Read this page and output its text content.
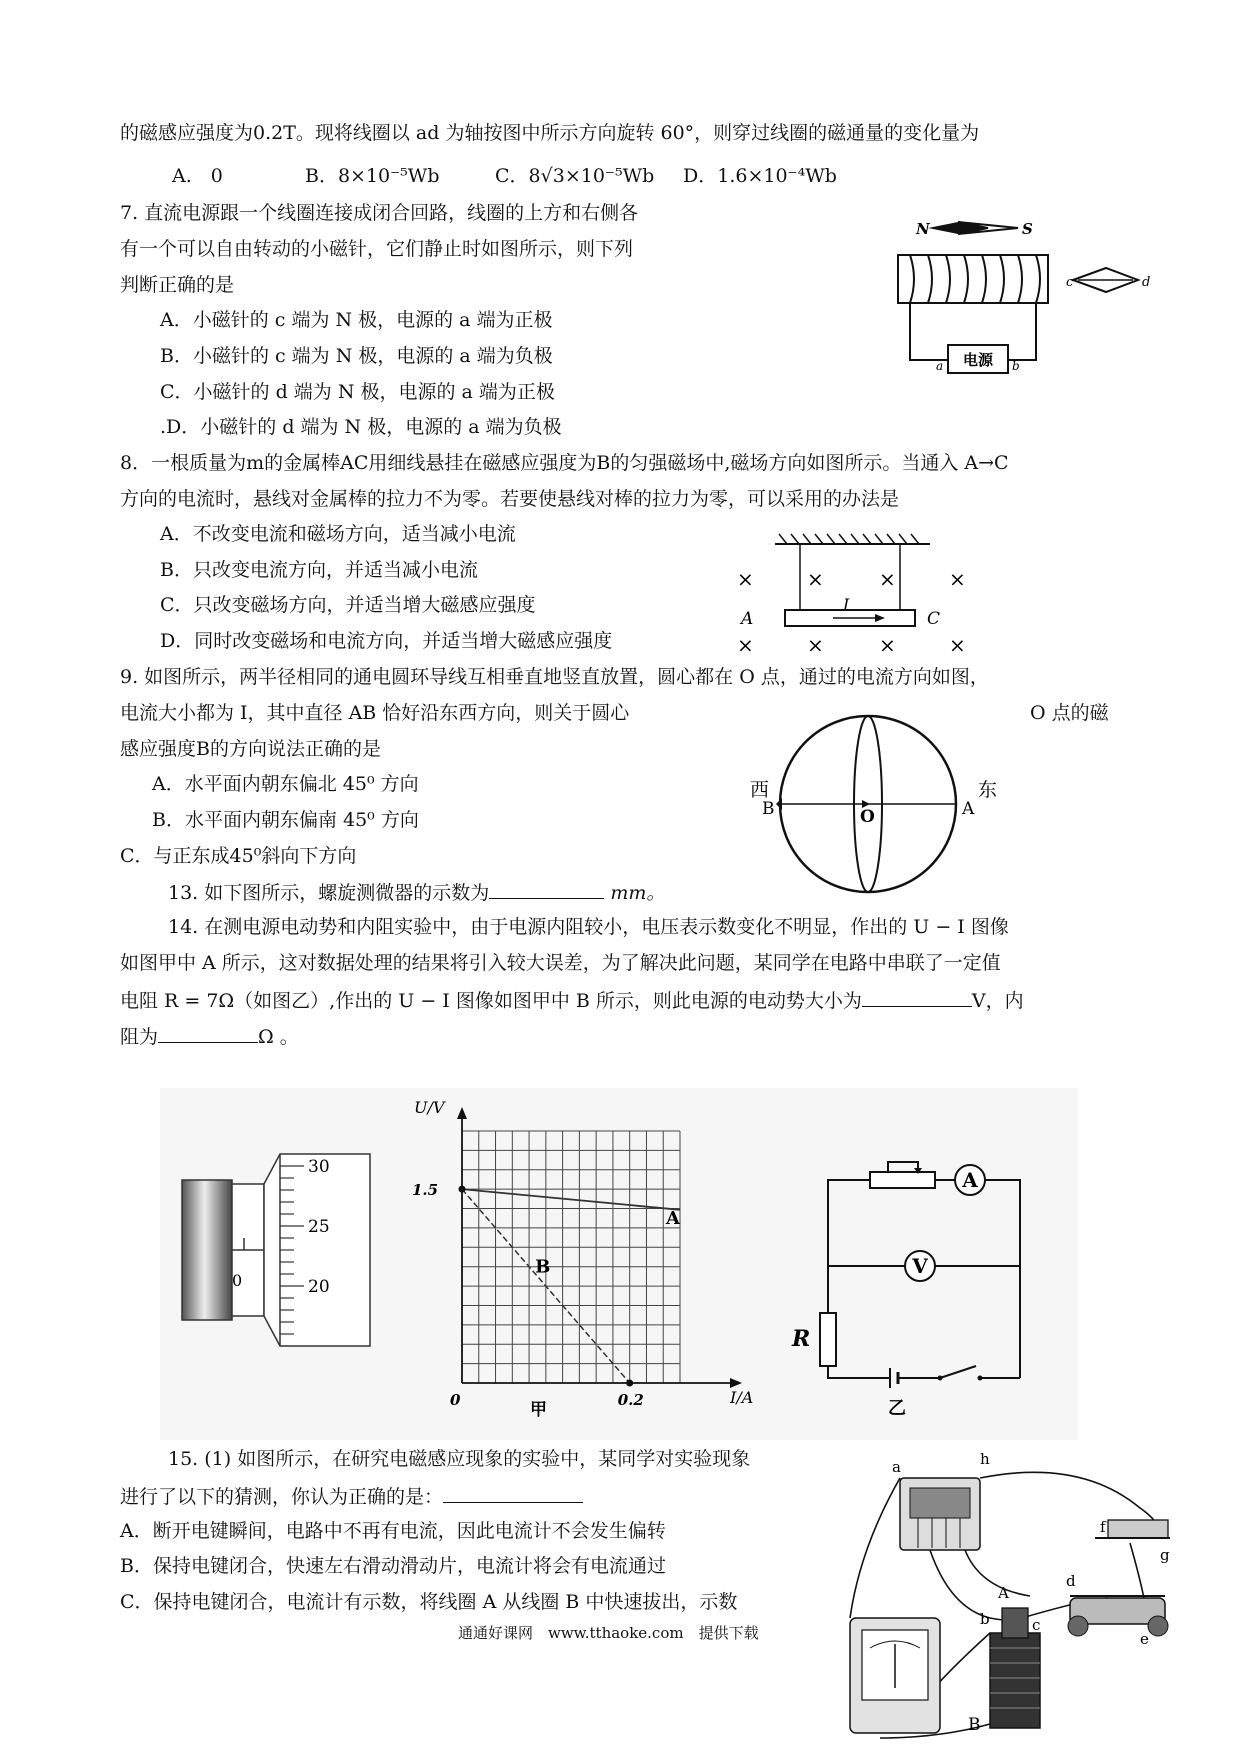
的磁感应强度为0.2T。现将线圈以 ad 为轴按图中所示方向旋转 60°，则穿过线圈的磁通量的变化量为
A.　0	B．8×10⁻⁵Wb	C．8√3×10⁻⁵Wb D．1.6×10⁻⁴Wb
7. 直流电源跟一个线圈连接成闭合回路，线圈的上方和右侧各
有一个可以自由转动的小磁针，它们静止时如图所示，则下列
判断正确的是
A．小磁针的 c 端为 N 极，电源的 a 端为正极
B．小磁针的 c 端为 N 极，电源的 a 端为负极
C．小磁针的 d 端为 N 极，电源的 a 端为正极
.D．小磁针的 d 端为 N 极，电源的 a 端为负极
N	S
c	d
电源
a	b
8．一根质量为m的金属棒AC用细线悬挂在磁感应强度为B的匀强磁场中,磁场方向如图所示。当通入 A→C
方向的电流时，悬线对金属棒的拉力不为零。若要使悬线对棒的拉力为零，可以采用的办法是
A．不改变电流和磁场方向，适当减小电流
B．只改变电流方向，并适当减小电流
C．只改变磁场方向，并适当增大磁感应强度
D．同时改变磁场和电流方向，并适当增大磁感应强度
I
A	C
×	×	×	×
×	×	×	×
9. 如图所示，两半径相同的通电圆环导线互相垂直地竖直放置，圆心都在 O 点，通过的电流方向如图，
电流大小都为 I，其中直径 AB 恰好沿东西方向，则关于圆心	O 点的磁
感应强度B的方向说法正确的是
A．水平面内朝东偏北 45⁰ 方向
B．水平面内朝东偏南 45⁰ 方向
C．与正东成45⁰斜向下方向
西
B	A
东
O
13. 如下图所示，螺旋测微器的示数为	mm。
14. 在测电源电动势和内阻实验中，由于电源内阻较小，电压表示数变化不明显，作出的 U − I 图像
如图甲中 A 所示，这对数据处理的结果将引入较大误差，为了解决此问题，某同学在电路中串联了一定值
电阻 R = 7Ω（如图乙）,作出的 U − I 图像如图甲中 B 所示，则此电源的电动势大小为	V，内
阻为	Ω 。
0
30
25
20
U/V
I/A
0	0.2
1.5
A
B
甲
A
V
R
乙
15. (1) 如图所示，在研究电磁感应现象的实验中，某同学对实验现象
进行了以下的猜测，你认为正确的是：
A．断开电键瞬间，电路中不再有电流，因此电流计不会发生偏转
B．保持电键闭合，快速左右滑动滑动片，电流计将会有电流通过
C．保持电键闭合，电流计有示数，将线圈 A 从线圈 B 中快速拔出，示数
a	h
f
g
A
b	c
B
d
e
通通好课网　www.tthaoke.com　提供下载
